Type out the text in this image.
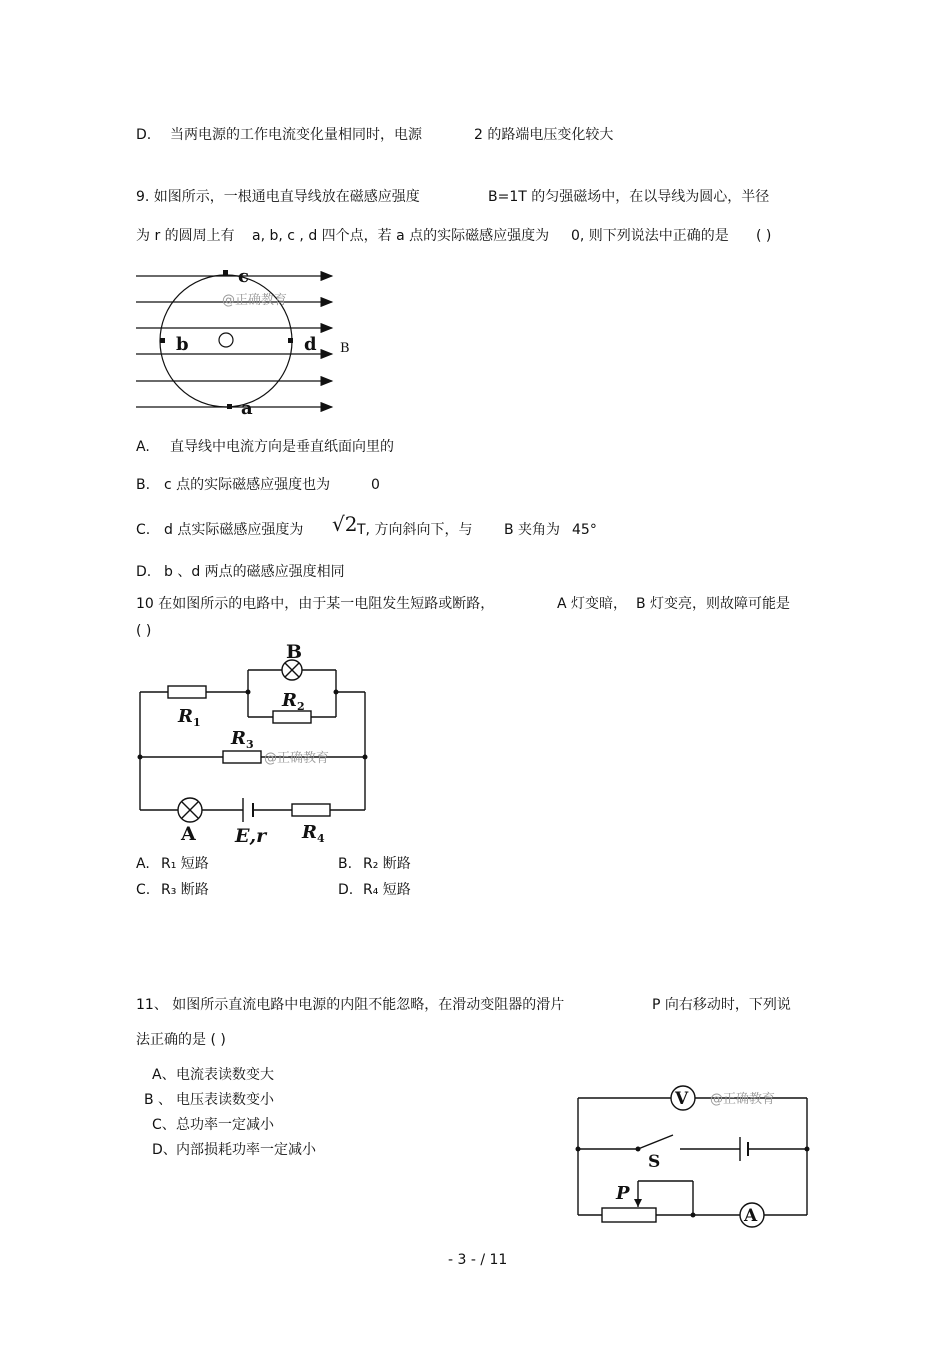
D. 当两电源的工作电流变化量相同时，电源	2 的路端电压变化较大
9. 如图所示，一根通电直导线放在磁感应强度	B=1T 的匀强磁场中，在以导线为圆心，半径
为 r 的圆周上有 a, b, c , d 四个点，若 a 点的实际磁感应强度为 0, 则下列说法中正确的是 ( )
@正确教育
c
b	d
a
B
A. 直导线中电流方向是垂直纸面向里的
B. c 点的实际磁感应强度也为	0
C. d 点实际磁感应强度为 √2 T, 方向斜向下，与 B 夹角为 45°
D. b 、d 两点的磁感应强度相同
10 在如图所示的电路中，由于某一电阻发生短路或断路，	A 灯变暗， B 灯变亮，则故障可能是
( )
@正确教育
B
$R_2$
$R_1$
$R_3$
A E,r $R_4$
A. R₁ 短路	B. R₂ 断路
C. R₃ 断路	D. R₄ 短路
11、 如图所示直流电路中电源的内阻不能忽略，在滑动变阻器的滑片	P 向右移动时，下列说
法正确的是 ( )
A、 电流表读数变大
B 、 电压表读数变小
C、 总功率一定减小
D、 内部损耗功率一定减小
@正确教育
V
S
P
A
- 3 - / 11
